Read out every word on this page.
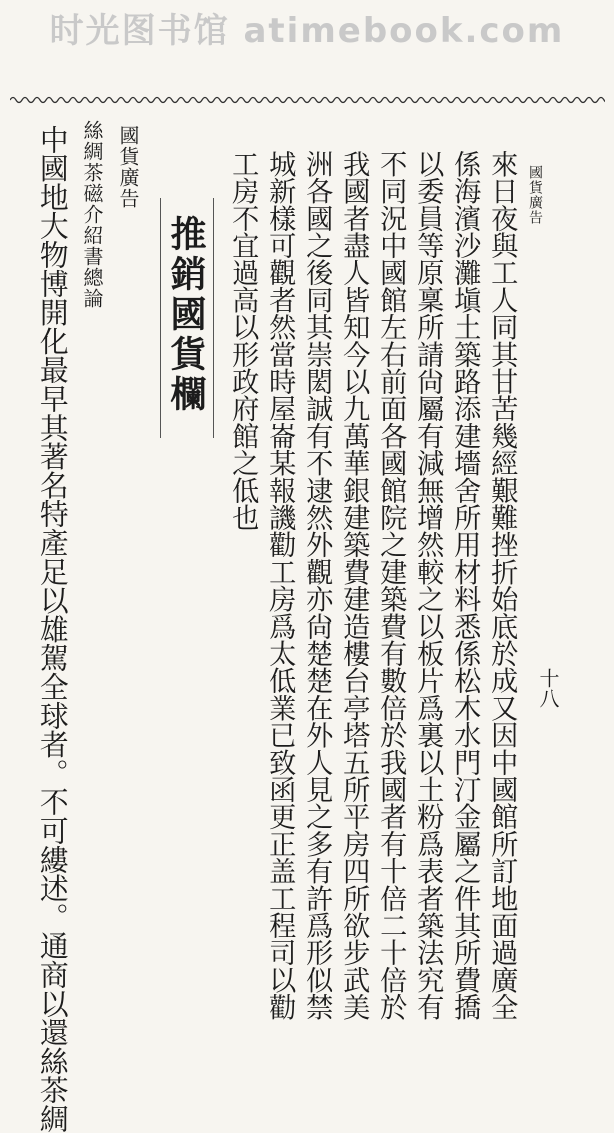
时光图书馆 atimebook.com
國貨廣告
十八
來日夜與工人同其甘苦幾經艱難挫折始底於成又因中國館所訂地面過廣全
係海濱沙灘塡土築路添建墻舍所用材料悉係松木水門汀金屬之件其所費撟
以委員等原稟所請尙屬有減無增然較之以板片爲裏以土粉爲表者築法究有
不同況中國館左右前面各國館院之建築費有數倍於我國者有十倍二十倍於
我國者盡人皆知今以九萬華銀建築費建造樓台亭塔五所平房四所欲步武美
洲各國之後同其崇閎誠有不逮然外觀亦尙楚楚在外人見之多有許爲形似禁
城新樣可觀者然當時屋崙某報譏勸工房爲太低業已致函更正盖工程司以勸
工房不宜過高以形政府館之低也
推銷國貨欄
國貨廣告
絲綢茶磁介紹書總論
中國地大物博開化最早其著名特產足以雄駕全球者。不可縷述。通商以還絲茶綢
